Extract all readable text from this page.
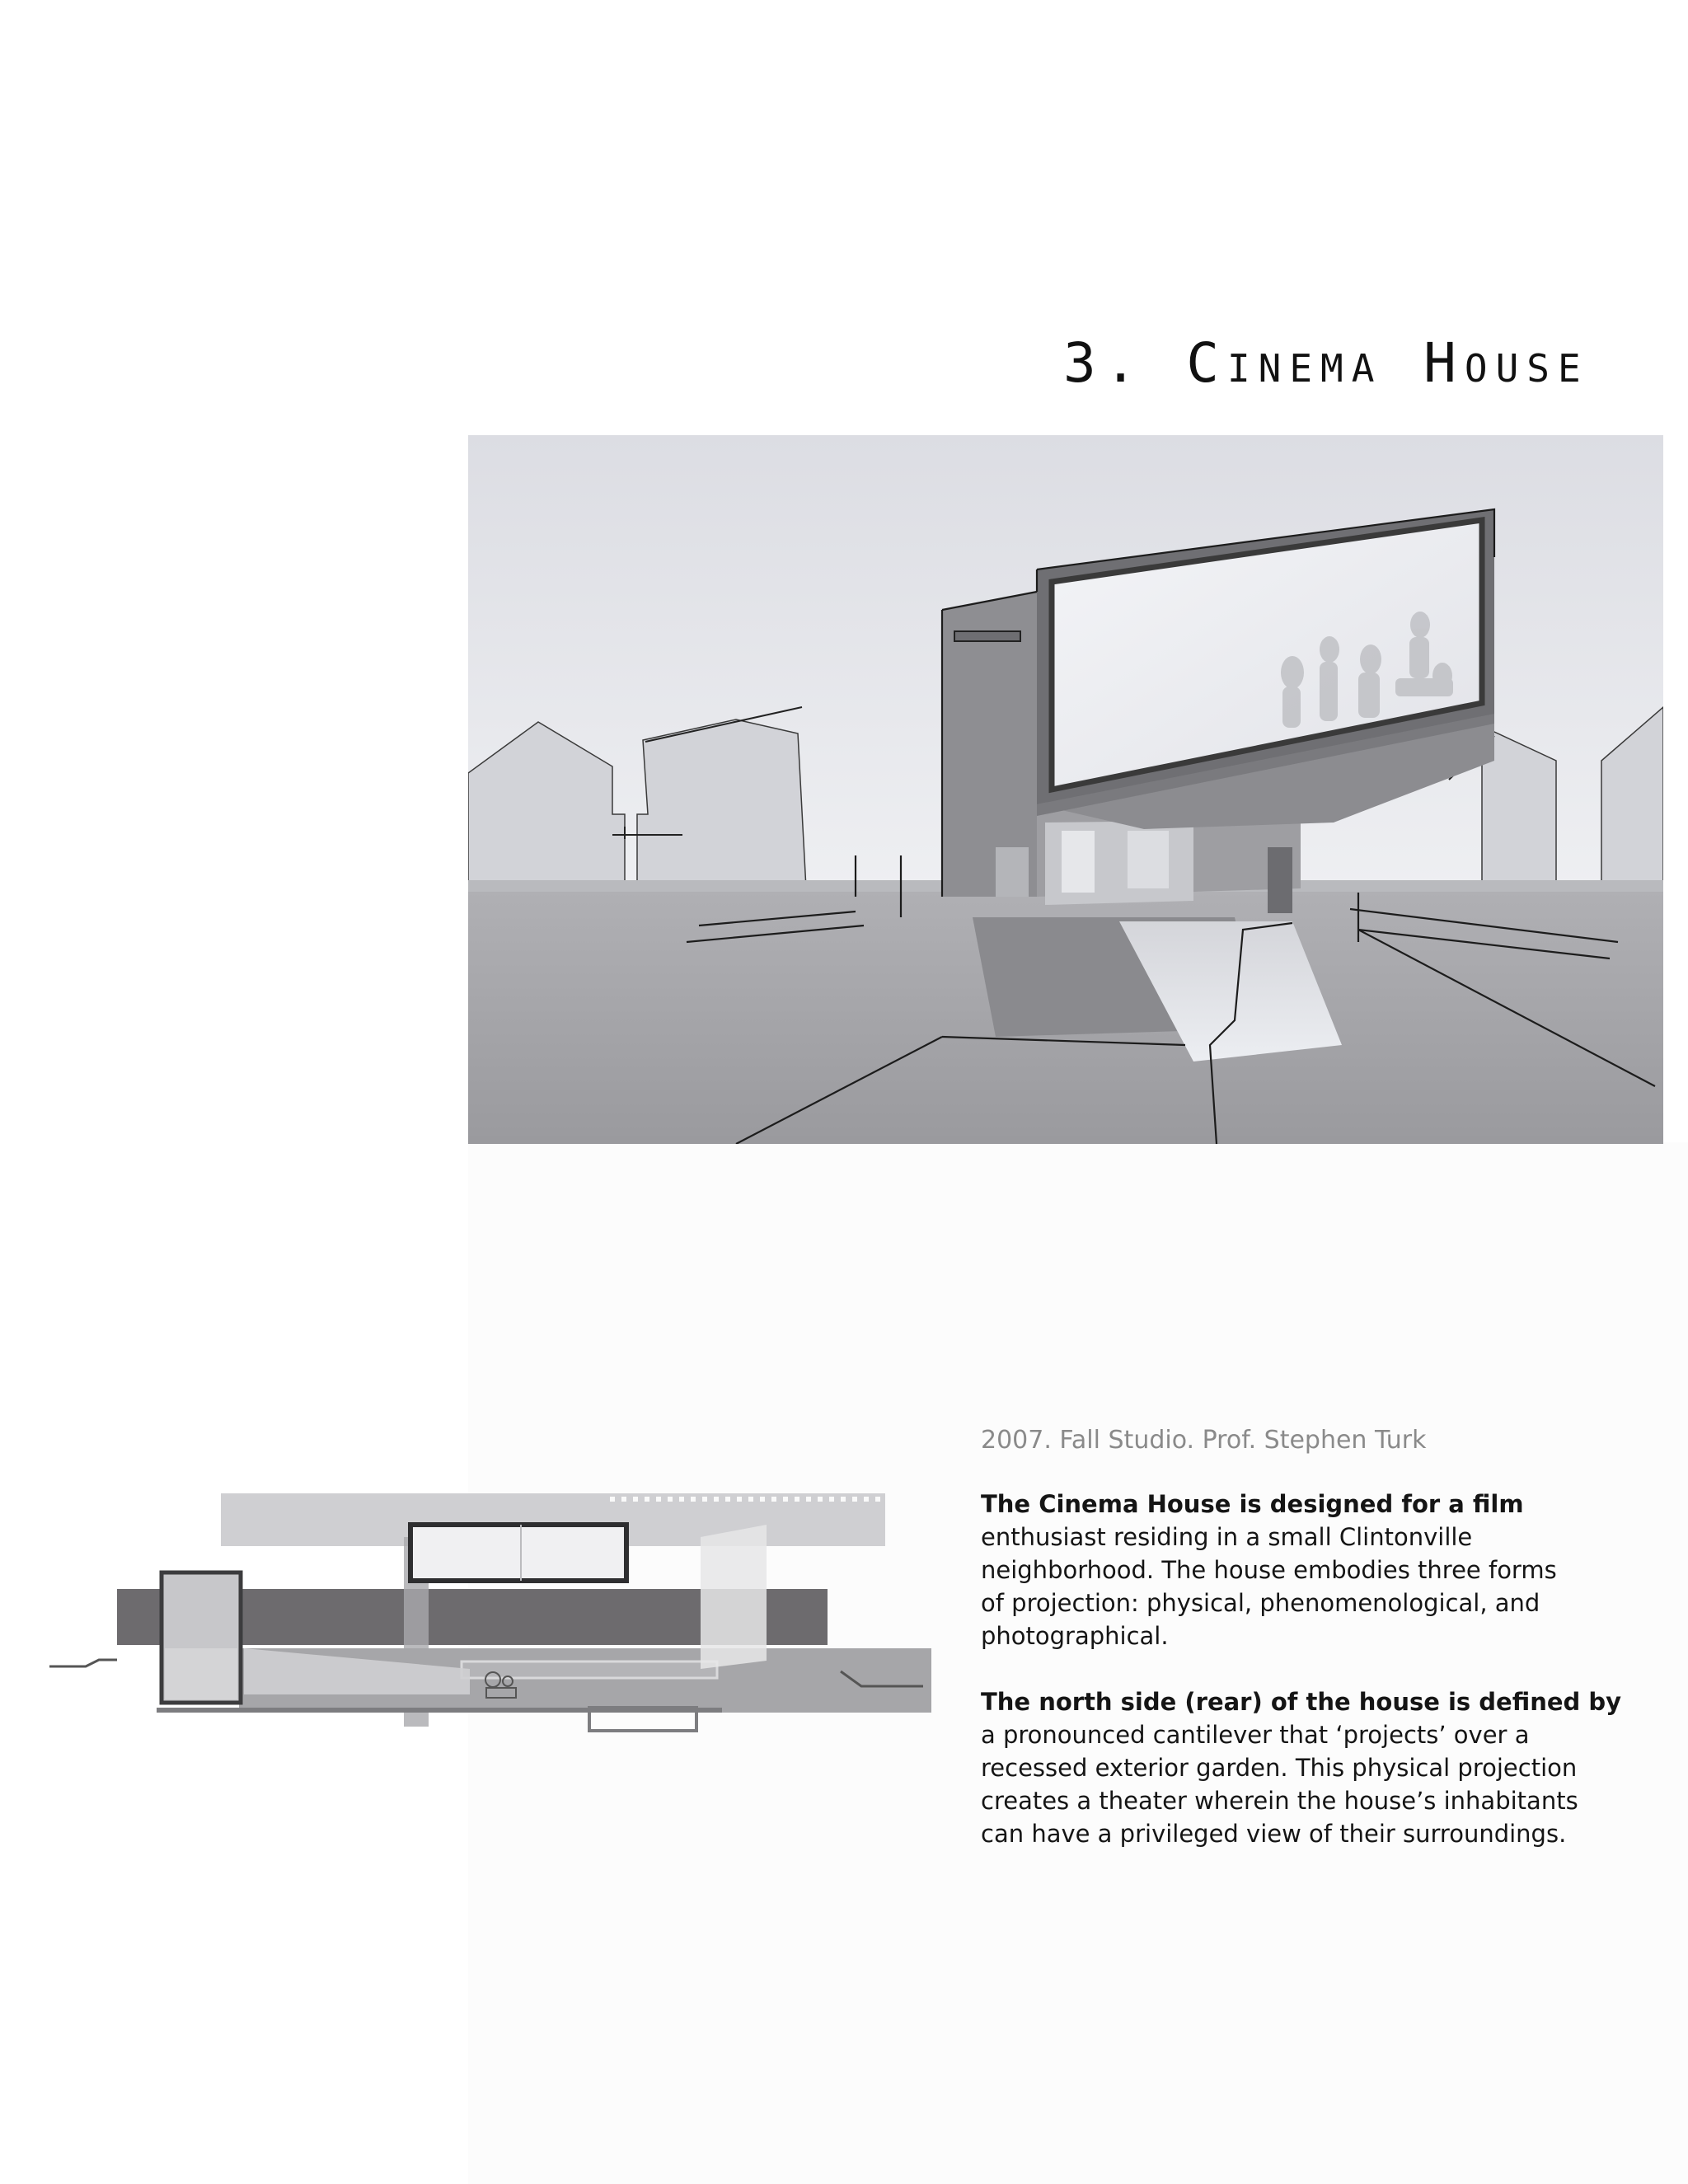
3. Cinema House

2007. Fall Studio. Prof. Stephen Turk

The Cinema House is designed for a film
enthusiast residing in a small Clintonville
neighborhood. The house embodies three forms
of projection: physical, phenomenological, and
photographical.

The north side (rear) of the house is defined by
a pronounced cantilever that ‘projects’ over a
recessed exterior garden. This physical projection
creates a theater wherein the house’s inhabitants
can have a privileged view of their surroundings.
